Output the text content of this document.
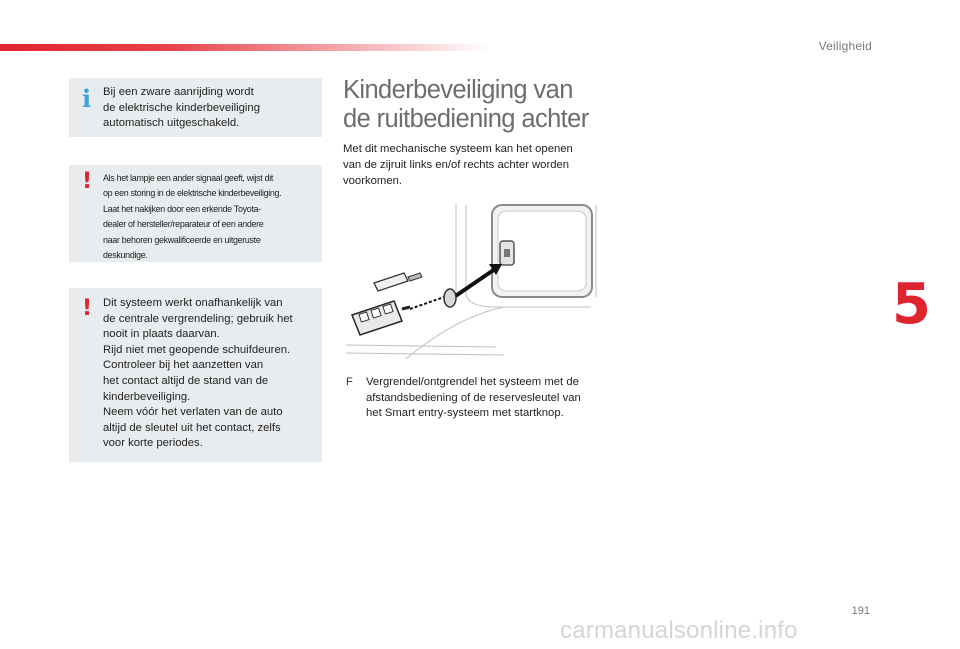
Veiligheid
5
i Bij een zware aanrijding wordt
de elektrische kinderbeveiliging
automatisch uitgeschakeld.

! Als het lampje een ander signaal geeft, wijst dit
op een storing in de elektrische kinderbeveiliging.
Laat het nakijken door een erkende Toyota-
dealer of hersteller/reparateur of een andere
naar behoren gekwalificeerde en uitgeruste
deskundige.

! Dit systeem werkt onafhankelijk van
de centrale vergrendeling; gebruik het
nooit in plaats daarvan.
Rijd niet met geopende schuifdeuren.
Controleer bij het aanzetten van
het contact altijd de stand van de
kinderbeveiliging.
Neem vóór het verlaten van de auto
altijd de sleutel uit het contact, zelfs
voor korte periodes.

Kinderbeveiliging van
de ruitbediening achter

Met dit mechanische systeem kan het openen
van de zijruit links en/of rechts achter worden
voorkomen.

F Vergrendel/ontgrendel het systeem met de
afstandsbediening of de reservesleutel van
het Smart entry-systeem met startknop.

191
carmanualsonline.info
